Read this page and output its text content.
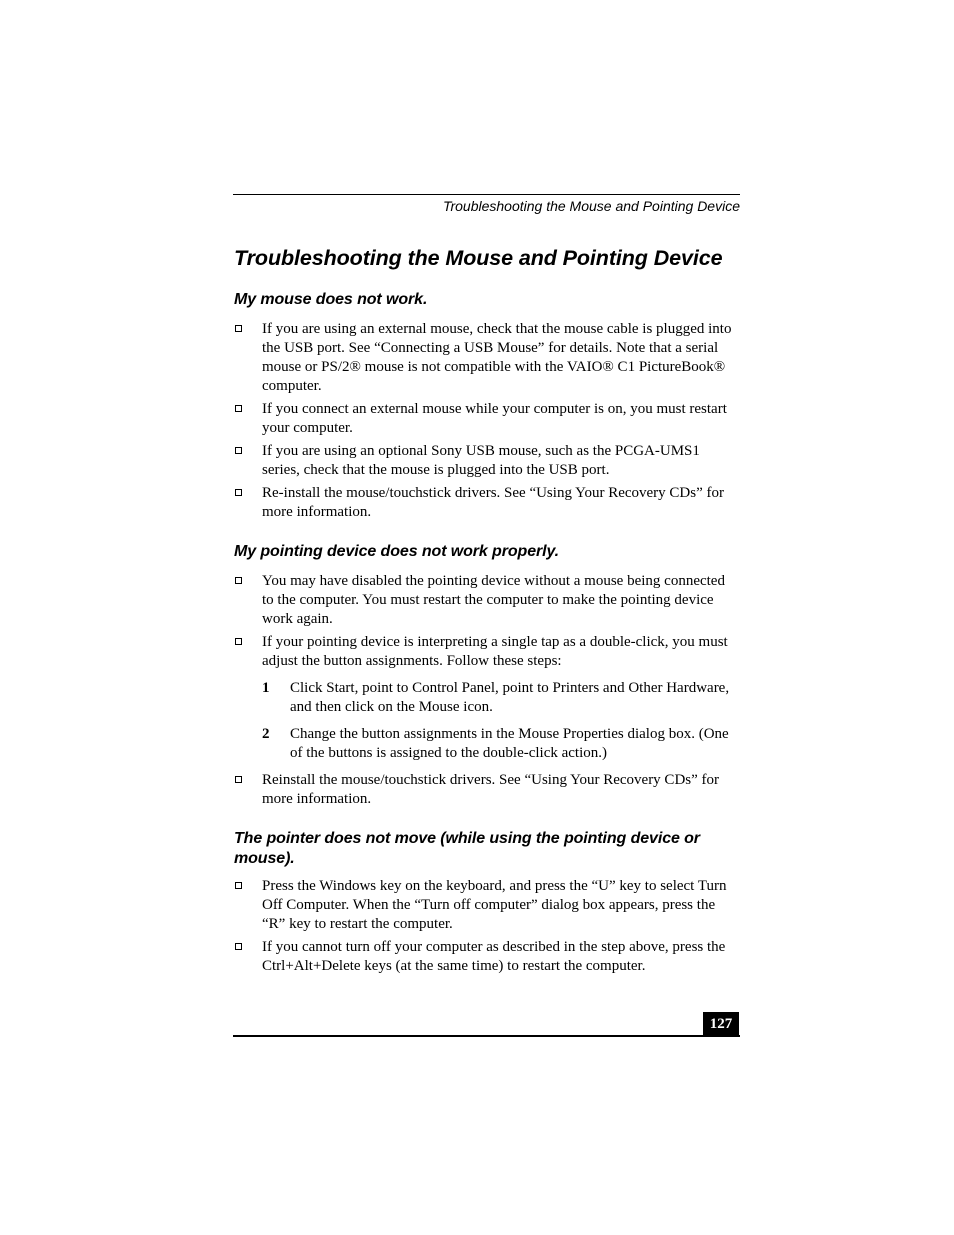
Troubleshooting the Mouse and Pointing Device
Troubleshooting the Mouse and Pointing Device
My mouse does not work.
If you are using an external mouse, check that the mouse cable is plugged into the USB port. See “Connecting a USB Mouse” for details. Note that a serial mouse or PS/2® mouse is not compatible with the VAIO® C1 PictureBook® computer.
If you connect an external mouse while your computer is on, you must restart your computer.
If you are using an optional Sony USB mouse, such as the PCGA-UMS1 series, check that the mouse is plugged into the USB port.
Re-install the mouse/touchstick drivers. See “Using Your Recovery CDs” for more information.
My pointing device does not work properly.
You may have disabled the pointing device without a mouse being connected to the computer. You must restart the computer to make the pointing device work again.
If your pointing device is interpreting a single tap as a double-click, you must adjust the button assignments. Follow these steps:
1 Click Start, point to Control Panel, point to Printers and Other Hardware, and then click on the Mouse icon.
2 Change the button assignments in the Mouse Properties dialog box. (One of the buttons is assigned to the double-click action.)
Reinstall the mouse/touchstick drivers. See “Using Your Recovery CDs” for more information.
The pointer does not move (while using the pointing device or mouse).
Press the Windows key on the keyboard, and press the “U” key to select Turn Off Computer. When the “Turn off computer” dialog box appears, press the “R” key to restart the computer.
If you cannot turn off your computer as described in the step above, press the Ctrl+Alt+Delete keys (at the same time) to restart the computer.
127
